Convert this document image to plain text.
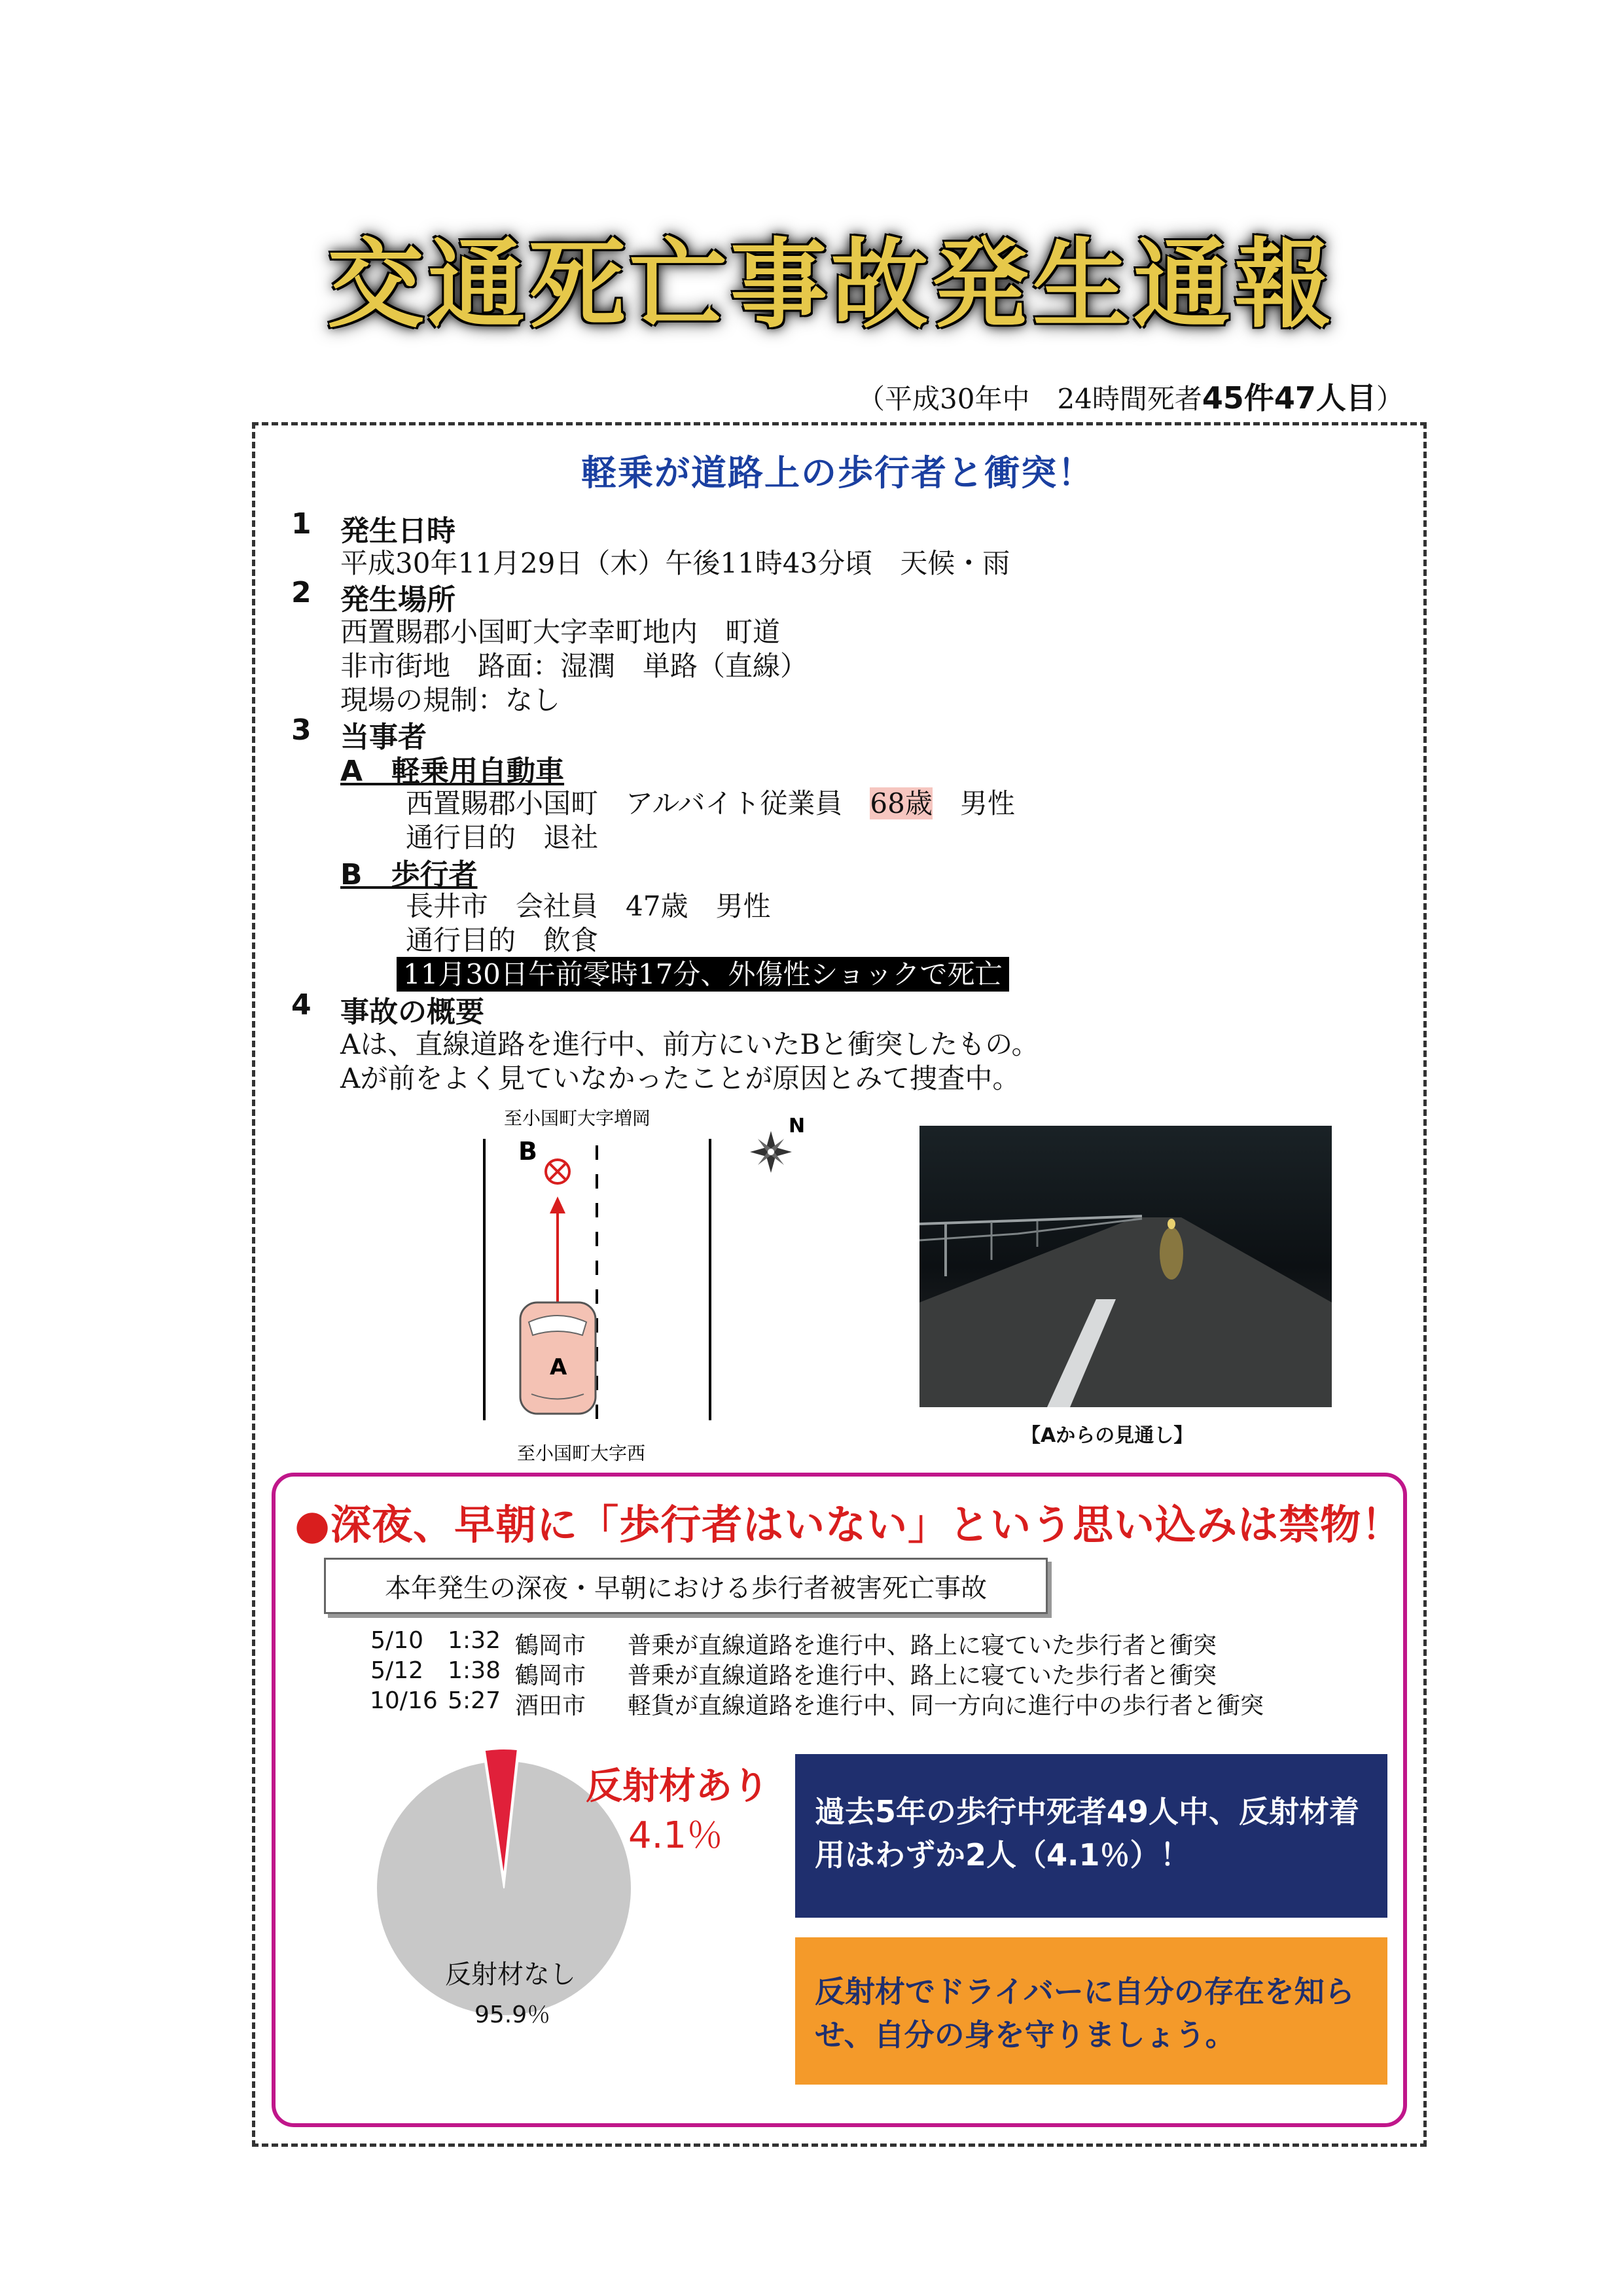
交通死亡事故発生通報
（平成30年中　24時間死者45件47人目）
軽乗が道路上の歩行者と衝突！
1 発生日時
平成30年11月29日（木）午後11時43分頃　天候・雨
2 発生場所
西置賜郡小国町大字幸町地内　町道
非市街地　路面：湿潤　単路（直線）
現場の規制：なし
3 当事者
A　軽乗用自動車
西置賜郡小国町　アルバイト従業員　68歳　男性
通行目的　退社
B　歩行者
長井市　会社員　47歳　男性
通行目的　飲食
11月30日午前零時17分、外傷性ショックで死亡
4 事故の概要
Aは、直線道路を進行中、前方にいたBと衝突したもの。
Aが前をよく見ていなかったことが原因とみて捜査中。
至小国町大字増岡
B
A
至小国町大字西
N
【Aからの見通し】
●深夜、早朝に「歩行者はいない」という思い込みは禁物！
本年発生の深夜・早朝における歩行者被害死亡事故
5/10	1:32 鶴岡市	普乗が直線道路を進行中、路上に寝ていた歩行者と衝突
5/12	1:38 鶴岡市	普乗が直線道路を進行中、路上に寝ていた歩行者と衝突
10/16 5:27 酒田市	軽貨が直線道路を進行中、同一方向に進行中の歩行者と衝突
反射材あり
4.1％
反射材なし
95.9％
過去5年の歩行中死者49人中、反射材着用はわずか2人（4.1％）！
反射材でドライバーに自分の存在を知らせ、自分の身を守りましょう。
